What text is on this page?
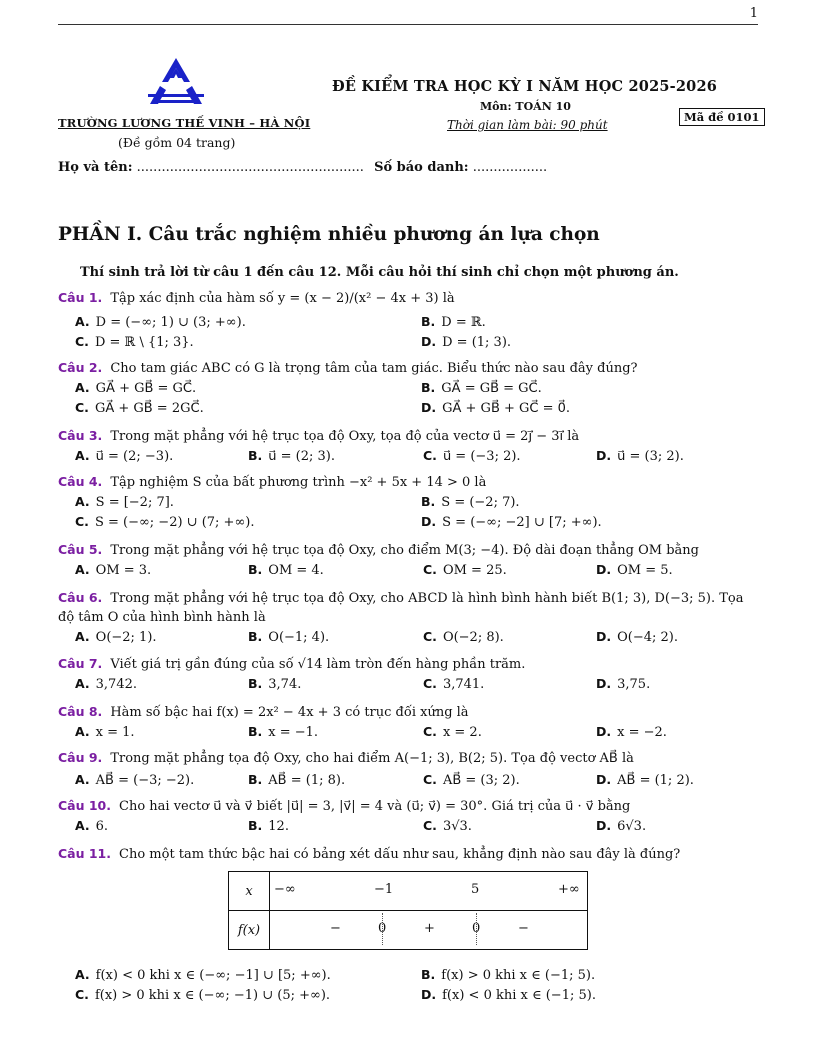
1
TRƯỜNG LƯƠNG THẾ VINH – HÀ NỘI
(Đề gồm 04 trang)
ĐỀ KIỂM TRA HỌC KỲ I NĂM HỌC 2025-2026
Môn: TOÁN 10
Thời gian làm bài: 90 phút
Mã đề 0101
Họ và tên: ....................................................... Số báo danh: ..................
PHẦN I. Câu trắc nghiệm nhiều phương án lựa chọn
Thí sinh trả lời từ câu 1 đến câu 12. Mỗi câu hỏi thí sinh chỉ chọn một phương án.
Câu 1. Tập xác định của hàm số y = (x − 2)/(x² − 4x + 3) là
A. D = (−∞; 1) ∪ (3; +∞).	B. D = ℝ.
C. D = ℝ \ {1; 3}.	D. D = (1; 3).
Câu 2. Cho tam giác ABC có G là trọng tâm của tam giác. Biểu thức nào sau đây đúng?
A. GA⃗ + GB⃗ = GC⃗.	B. GA⃗ = GB⃗ = GC⃗.
C. GA⃗ + GB⃗ = 2GC⃗.	D. GA⃗ + GB⃗ + GC⃗ = 0⃗.
Câu 3. Trong mặt phẳng với hệ trục tọa độ Oxy, tọa độ của vectơ u⃗ = 2j⃗ − 3i⃗ là
A. u⃗ = (2; −3).	B. u⃗ = (2; 3).	C. u⃗ = (−3; 2).	D. u⃗ = (3; 2).
Câu 4. Tập nghiệm S của bất phương trình −x² + 5x + 14 > 0 là
A. S = [−2; 7].	B. S = (−2; 7).
C. S = (−∞; −2) ∪ (7; +∞).	D. S = (−∞; −2] ∪ [7; +∞).
Câu 5. Trong mặt phẳng với hệ trục tọa độ Oxy, cho điểm M(3; −4). Độ dài đoạn thẳng OM bằng
A. OM = 3.	B. OM = 4.	C. OM = 25.	D. OM = 5.
Câu 6. Trong mặt phẳng với hệ trục tọa độ Oxy, cho ABCD là hình bình hành biết B(1; 3), D(−3; 5). Tọa
độ tâm O của hình bình hành là
A. O(−2; 1).	B. O(−1; 4).	C. O(−2; 8).	D. O(−4; 2).
Câu 7. Viết giá trị gần đúng của số √14 làm tròn đến hàng phần trăm.
A. 3,742.	B. 3,74.	C. 3,741.	D. 3,75.
Câu 8. Hàm số bậc hai f(x) = 2x² − 4x + 3 có trục đối xứng là
A. x = 1.	B. x = −1.	C. x = 2.	D. x = −2.
Câu 9. Trong mặt phẳng tọa độ Oxy, cho hai điểm A(−1; 3), B(2; 5). Tọa độ vectơ AB⃗ là
A. AB⃗ = (−3; −2).	B. AB⃗ = (1; 8).	C. AB⃗ = (3; 2).	D. AB⃗ = (1; 2).
Câu 10. Cho hai vectơ u⃗ và v⃗ biết |u⃗| = 3, |v⃗| = 4 và (u⃗; v⃗) = 30°. Giá trị của u⃗ · v⃗ bằng
A. 6.	B. 12.	C. 3√3.	D. 6√3.
Câu 11. Cho một tam thức bậc hai có bảng xét dấu như sau, khẳng định nào sau đây là đúng?
A. f(x) < 0 khi x ∈ (−∞; −1] ∪ [5; +∞).	B. f(x) > 0 khi x ∈ (−1; 5).
C. f(x) > 0 khi x ∈ (−∞; −1) ∪ (5; +∞).	D. f(x) < 0 khi x ∈ (−1; 5).
x	−∞ −1 5 +∞

f(x)	− 0 + 0 −
